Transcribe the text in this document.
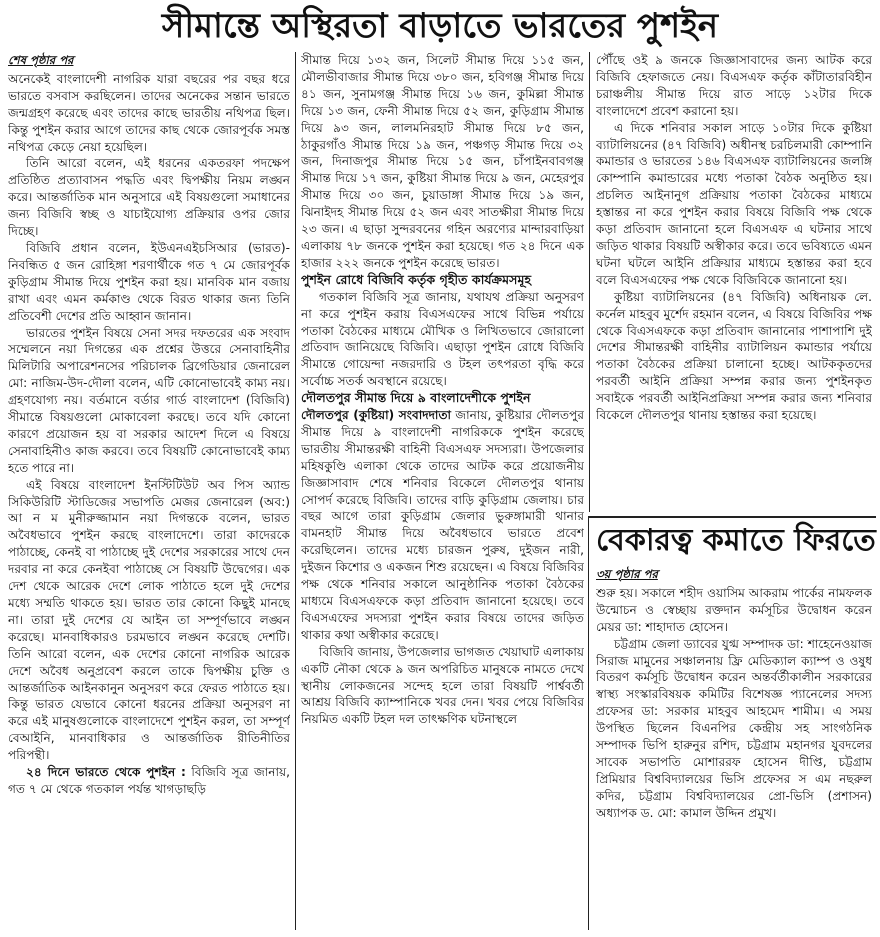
সীমান্তে অস্থিরতা বাড়াতে ভারতের পুশইন
শেষ পৃষ্ঠার পর

অনেকেই বাংলাদেশী নাগরিক যারা বছরের পর বছর ধরে ভারতে বসবাস করছিলেন। তাদের অনেকের সন্তান ভারতে জন্মগ্রহণ করেছে এবং তাদের কাছে ভারতীয় নথিপত্র ছিল। কিন্তু পুশইন করার আগে তাদের কাছ থেকে জোরপূর্বক সমস্ত নথিপত্র কেড়ে নেয়া হয়েছিল।

তিনি আরো বলেন, এই ধরনের একতরফা পদক্ষেপ প্রতিষ্ঠিত প্রত্যাবাসন পদ্ধতি এবং দ্বিপক্ষীয় নিয়ম লঙ্ঘন করে। আন্তর্জাতিক মান অনুসারে এই বিষয়গুলো সমাধানের জন্য বিজিবি স্বচ্ছ ও যাচাইযোগ্য প্রক্রিয়ার ওপর জোর দিচ্ছে।

বিজিবি প্রধান বলেন, ইউএনএইচসিআর (ভারত)-নিবন্ধিত ৫ জন রোহিঙ্গা শরণার্থীকে গত ৭ মে জোরপূর্বক কুড়িগ্রাম সীমান্ত দিয়ে পুশইন করা হয়। মানবিক মান বজায় রাখা এবং এমন কর্মকাণ্ড থেকে বিরত থাকার জন্য তিনি প্রতিবেশী দেশের প্রতি আহ্বান জানান।

ভারতের পুশইন বিষয়ে সেনা সদর দফতরের এক সংবাদ সম্মেলনে নয়া দিগন্তের এক প্রশ্নের উত্তরে সেনাবাহিনীর মিলিটারি অপারেশনসের পরিচালক ব্রিগেডিয়ার জেনারেল মো: নাজিম-উদ-দৌলা বলেন, এটি কোনোভাবেই কাম্য নয়। গ্রহণযোগ্য নয়। বর্তমানে বর্ডার গার্ড বাংলাদেশ (বিজিবি) সীমান্তে বিষয়গুলো মোকাবেলা করছে। তবে যদি কোনো কারণে প্রয়োজন হয় বা সরকার আদেশ দিলে এ বিষয়ে সেনাবাহিনীও কাজ করবে। তবে বিষয়টি কোনোভাবেই কাম্য হতে পারে না।

এই বিষয়ে বাংলাদেশ ইনস্টিটিউট অব পিস অ্যান্ড সিকিউরিটি স্টাডিজের সভাপতি মেজর জেনারেল (অব:) আ ন ম মুনীরুজ্জামান নয়া দিগন্তকে বলেন, ভারত অবৈধভাবে পুশইন করছে বাংলাদেশে। তারা কাদেরকে পাঠাচ্ছে, কেনই বা পাঠাচ্ছে দুই দেশের সরকারের সাথে দেন দরবার না করে কেনইবা পাঠাচ্ছে সে বিষয়টি উদ্বেগের। এক দেশ থেকে আরেক দেশে লোক পাঠাতে হলে দুই দেশের মধ্যে সম্মতি থাকতে হয়। ভারত তার কোনো কিছুই মানছে না। তারা দুই দেশের যে আইন তা সম্পূর্ণভাবে লঙ্ঘন করেছে। মানবাধিকারও চরমভাবে লঙ্ঘন করেছে দেশটি। তিনি আরো বলেন, এক দেশের কোনো নাগরিক আরেক দেশে অবৈধ অনুপ্রবেশ করলে তাকে দ্বিপক্ষীয় চুক্তি ও আন্তর্জাতিক আইনকানুন অনুসরণ করে ফেরত পাঠাতে হয়। কিন্তু ভারত যেভাবে কোনো ধরনের প্রক্রিয়া অনুসরণ না করে এই মানুষগুলোকে বাংলাদেশে পুশইন করল, তা সম্পূর্ণ বেআইনি, মানবাধিকার ও আন্তর্জাতিক রীতিনীতির পরিপন্থী।

২৪ দিনে ভারতে থেকে পুশইন : বিজিবি সূত্র জানায়, গত ৭ মে থেকে গতকাল পর্যন্ত খাগড়াছড়ি

সীমান্ত দিয়ে ১৩২ জন, সিলেট সীমান্ত দিয়ে ১১৫ জন, মৌলভীবাজার সীমান্ত দিয়ে ৩৮০ জন, হবিগঞ্জ সীমান্ত দিয়ে ৪১ জন, সুনামগঞ্জ সীমান্ত দিয়ে ১৬ জন, কুমিল্লা সীমান্ত দিয়ে ১৩ জন, ফেনী সীমান্ত দিয়ে ৫২ জন, কুড়িগ্রাম সীমান্ত দিয়ে ৯৩ জন, লালমনিরহাট সীমান্ত দিয়ে ৮৫ জন, ঠাকুরগাঁও সীমান্ত দিয়ে ১৯ জন, পঞ্চগড় সীমান্ত দিয়ে ৩২ জন, দিনাজপুর সীমান্ত দিয়ে ১৫ জন, চাঁপাইনবাবগঞ্জ সীমান্ত দিয়ে ১৭ জন, কুষ্টিয়া সীমান্ত দিয়ে ৯ জন, মেহেরপুর সীমান্ত দিয়ে ৩০ জন, চুয়াডাঙ্গা সীমান্ত দিয়ে ১৯ জন, ঝিনাইদহ সীমান্ত দিয়ে ৫২ জন এবং সাতক্ষীরা সীমান্ত দিয়ে ২৩ জন। এ ছাড়া সুন্দরবনের গহিন অরণ্যের মান্দারবাড়িয়া এলাকায় ৭৮ জনকে পুশইন করা হয়েছে। গত ২৪ দিনে এক হাজার ২২২ জনকে পুশইন করেছে ভারত।

পুশইন রোধে বিজিবি কর্তৃক গৃহীত কার্যক্রমসমূহ

গতকাল বিজিবি সূত্র জানায়, যথাযথ প্রক্রিয়া অনুসরণ না করে পুশইন করায় বিএসএফের সাথে বিভিন্ন পর্যায়ে পতাকা বৈঠকের মাধ্যমে মৌখিক ও লিখিতভাবে জোরালো প্রতিবাদ জানিয়েছে বিজিবি। এছাড়া পুশইন রোধে বিজিবি সীমান্তে গোয়েন্দা নজরদারি ও টহল তৎপরতা বৃদ্ধি করে সর্বোচ্চ সতর্ক অবস্থানে রয়েছে।

দৌলতপুর সীমান্ত দিয়ে ৯ বাংলাদেশীকে পুশইন

দৌলতপুর (কুষ্টিয়া) সংবাদদাতা জানায়, কুষ্টিয়ার দৌলতপুর সীমান্ত দিয়ে ৯ বাংলাদেশী নাগরিককে পুশইন করেছে ভারতীয় সীমান্তরক্ষী বাহিনী বিএসএফ সদস্যরা। উপজেলার মহিষকুণ্ডি এলাকা থেকে তাদের আটক করে প্রয়োজনীয় জিজ্ঞাসাবাদ শেষে শনিবার বিকেলে দৌলতপুর থানায় সোপর্দ করেছে বিজিবি। তাদের বাড়ি কুড়িগ্রাম জেলায়। চার বছর আগে তারা কুড়িগ্রাম জেলার ভুরুঙ্গামারী থানার বামনহাট সীমান্ত দিয়ে অবৈধভাবে ভারতে প্রবেশ করেছিলেন। তাদের মধ্যে চারজন পুরুষ, দুইজন নারী, দুইজন কিশোর ও একজন শিশু রয়েছেন। এ বিষয়ে বিজিবির পক্ষ থেকে শনিবার সকালে আনুষ্ঠানিক পতাকা বৈঠকের মাধ্যমে বিএসএফকে কড়া প্রতিবাদ জানানো হয়েছে। তবে বিএসএফের সদস্যরা পুশইন করার বিষয়ে তাদের জড়িত থাকার কথা অস্বীকার করেছে।

বিজিবি জানায়, উপজেলার ভাগজত খেয়াঘাট এলাকায় একটি নৌকা থেকে ৯ জন অপরিচিত মানুষকে নামতে দেখে স্থানীয় লোকজনের সন্দেহ হলে তারা বিষয়টি পার্শ্ববর্তী আশ্রয় বিজিবি ক্যাম্পানিকে খবর দেন। খবর পেয়ে বিজিবির নিয়মিত একটি টহল দল তাৎক্ষণিক ঘটনাস্থলে

পৌঁছে ওই ৯ জনকে জিজ্ঞাসাবাদের জন্য আটক করে বিজিবি হেফাজতে নেয়। বিএসএফ কর্তৃক কাঁটাতারবিহীন চরাঞ্চলীয় সীমান্ত দিয়ে রাত সাড়ে ১২টার দিকে বাংলাদেশে প্রবেশ করানো হয়।

এ দিকে শনিবার সকাল সাড়ে ১০টার দিকে কুষ্টিয়া ব্যাটালিয়নের (৪৭ বিজিবি) অধীনস্থ চরচিলমারী কোম্পানি কমান্ডার ও ভারতের ১৪৬ বিএসএফ ব্যাটালিয়নের জলঙ্গি কোম্পানি কমান্ডারের মধ্যে পতাকা বৈঠক অনুষ্ঠিত হয়। প্রচলিত আইনানুগ প্রক্রিয়ায় পতাকা বৈঠকের মাধ্যমে হস্তান্তর না করে পুশইন করার বিষয়ে বিজিবি পক্ষ থেকে কড়া প্রতিবাদ জানানো হলে বিএসএফ এ ঘটনার সাথে জড়িত থাকার বিষয়টি অস্বীকার করে। তবে ভবিষ্যতে এমন ঘটনা ঘটলে আইনি প্রক্রিয়ার মাধ্যমে হস্তান্তর করা হবে বলে বিএসএফের পক্ষ থেকে বিজিবিকে জানানো হয়।

কুষ্টিয়া ব্যাটালিয়নের (৪৭ বিজিবি) অধিনায়ক লে. কর্নেল মাহবুব মুর্শেদ রহমান বলেন, এ বিষয়ে বিজিবির পক্ষ থেকে বিএসএফকে কড়া প্রতিবাদ জানানোর পাশাপাশি দুই দেশের সীমান্তরক্ষী বাহিনীর ব্যাটালিয়ন কমান্ডার পর্যায়ে পতাকা বৈঠকের প্রক্রিয়া চালানো হচ্ছে। আটককৃতদের পরবর্তী আইনি প্রক্রিয়া সম্পন্ন করার জন্য পুশইনকৃত সবাইকে পরবর্তী আইনিপ্রক্রিয়া সম্পন্ন করার জন্য শনিবার বিকেলে দৌলতপুর থানায় হস্তান্তর করা হয়েছে।

বেকারত্ব কমাতে ফিরতে
৩য় পৃষ্ঠার পর

শুরু হয়। সকালে শহীদ ওয়াসিম আকরাম পার্কের নামফলক উন্মোচন ও স্বেচ্ছায় রক্তদান কর্মসূচির উদ্বোধন করেন মেয়র ডা: শাহাদাত হোসেন।

চট্টগ্রাম জেলা ড্যাবের যুগ্ম সম্পাদক ডা: শাহেনেওয়াজ সিরাজ মামুনের সঞ্চালনায় ফ্রি মেডিক্যাল ক্যাম্প ও ওষুধ বিতরণ কর্মসূচি উদ্বোধন করেন অন্তর্বর্তীকালীন সরকারের স্বাস্থ্য সংস্কারবিষয়ক কমিটির বিশেষজ্ঞ প্যানেলের সদস্য প্রফেসর ডা: সরকার মাহবুব আহমেদ শামীম। এ সময় উপস্থিত ছিলেন বিএনপির কেন্দ্রীয় সহ সাংগঠনিক সম্পাদক ভিপি হারুনুর রশিদ, চট্টগ্রাম মহানগর যুবদলের সাবেক সভাপতি মোশাররফ হোসেন দীপ্তি, চট্টগ্রাম প্রিমিয়ার বিশ্ববিদ্যালয়ের ভিসি প্রফেসর স এম নছরুল কদির, চট্টগ্রাম বিশ্ববিদ্যালয়ের প্রো-ভিসি (প্রশাসন) অধ্যাপক ড. মো: কামাল উদ্দিন প্রমুখ।
